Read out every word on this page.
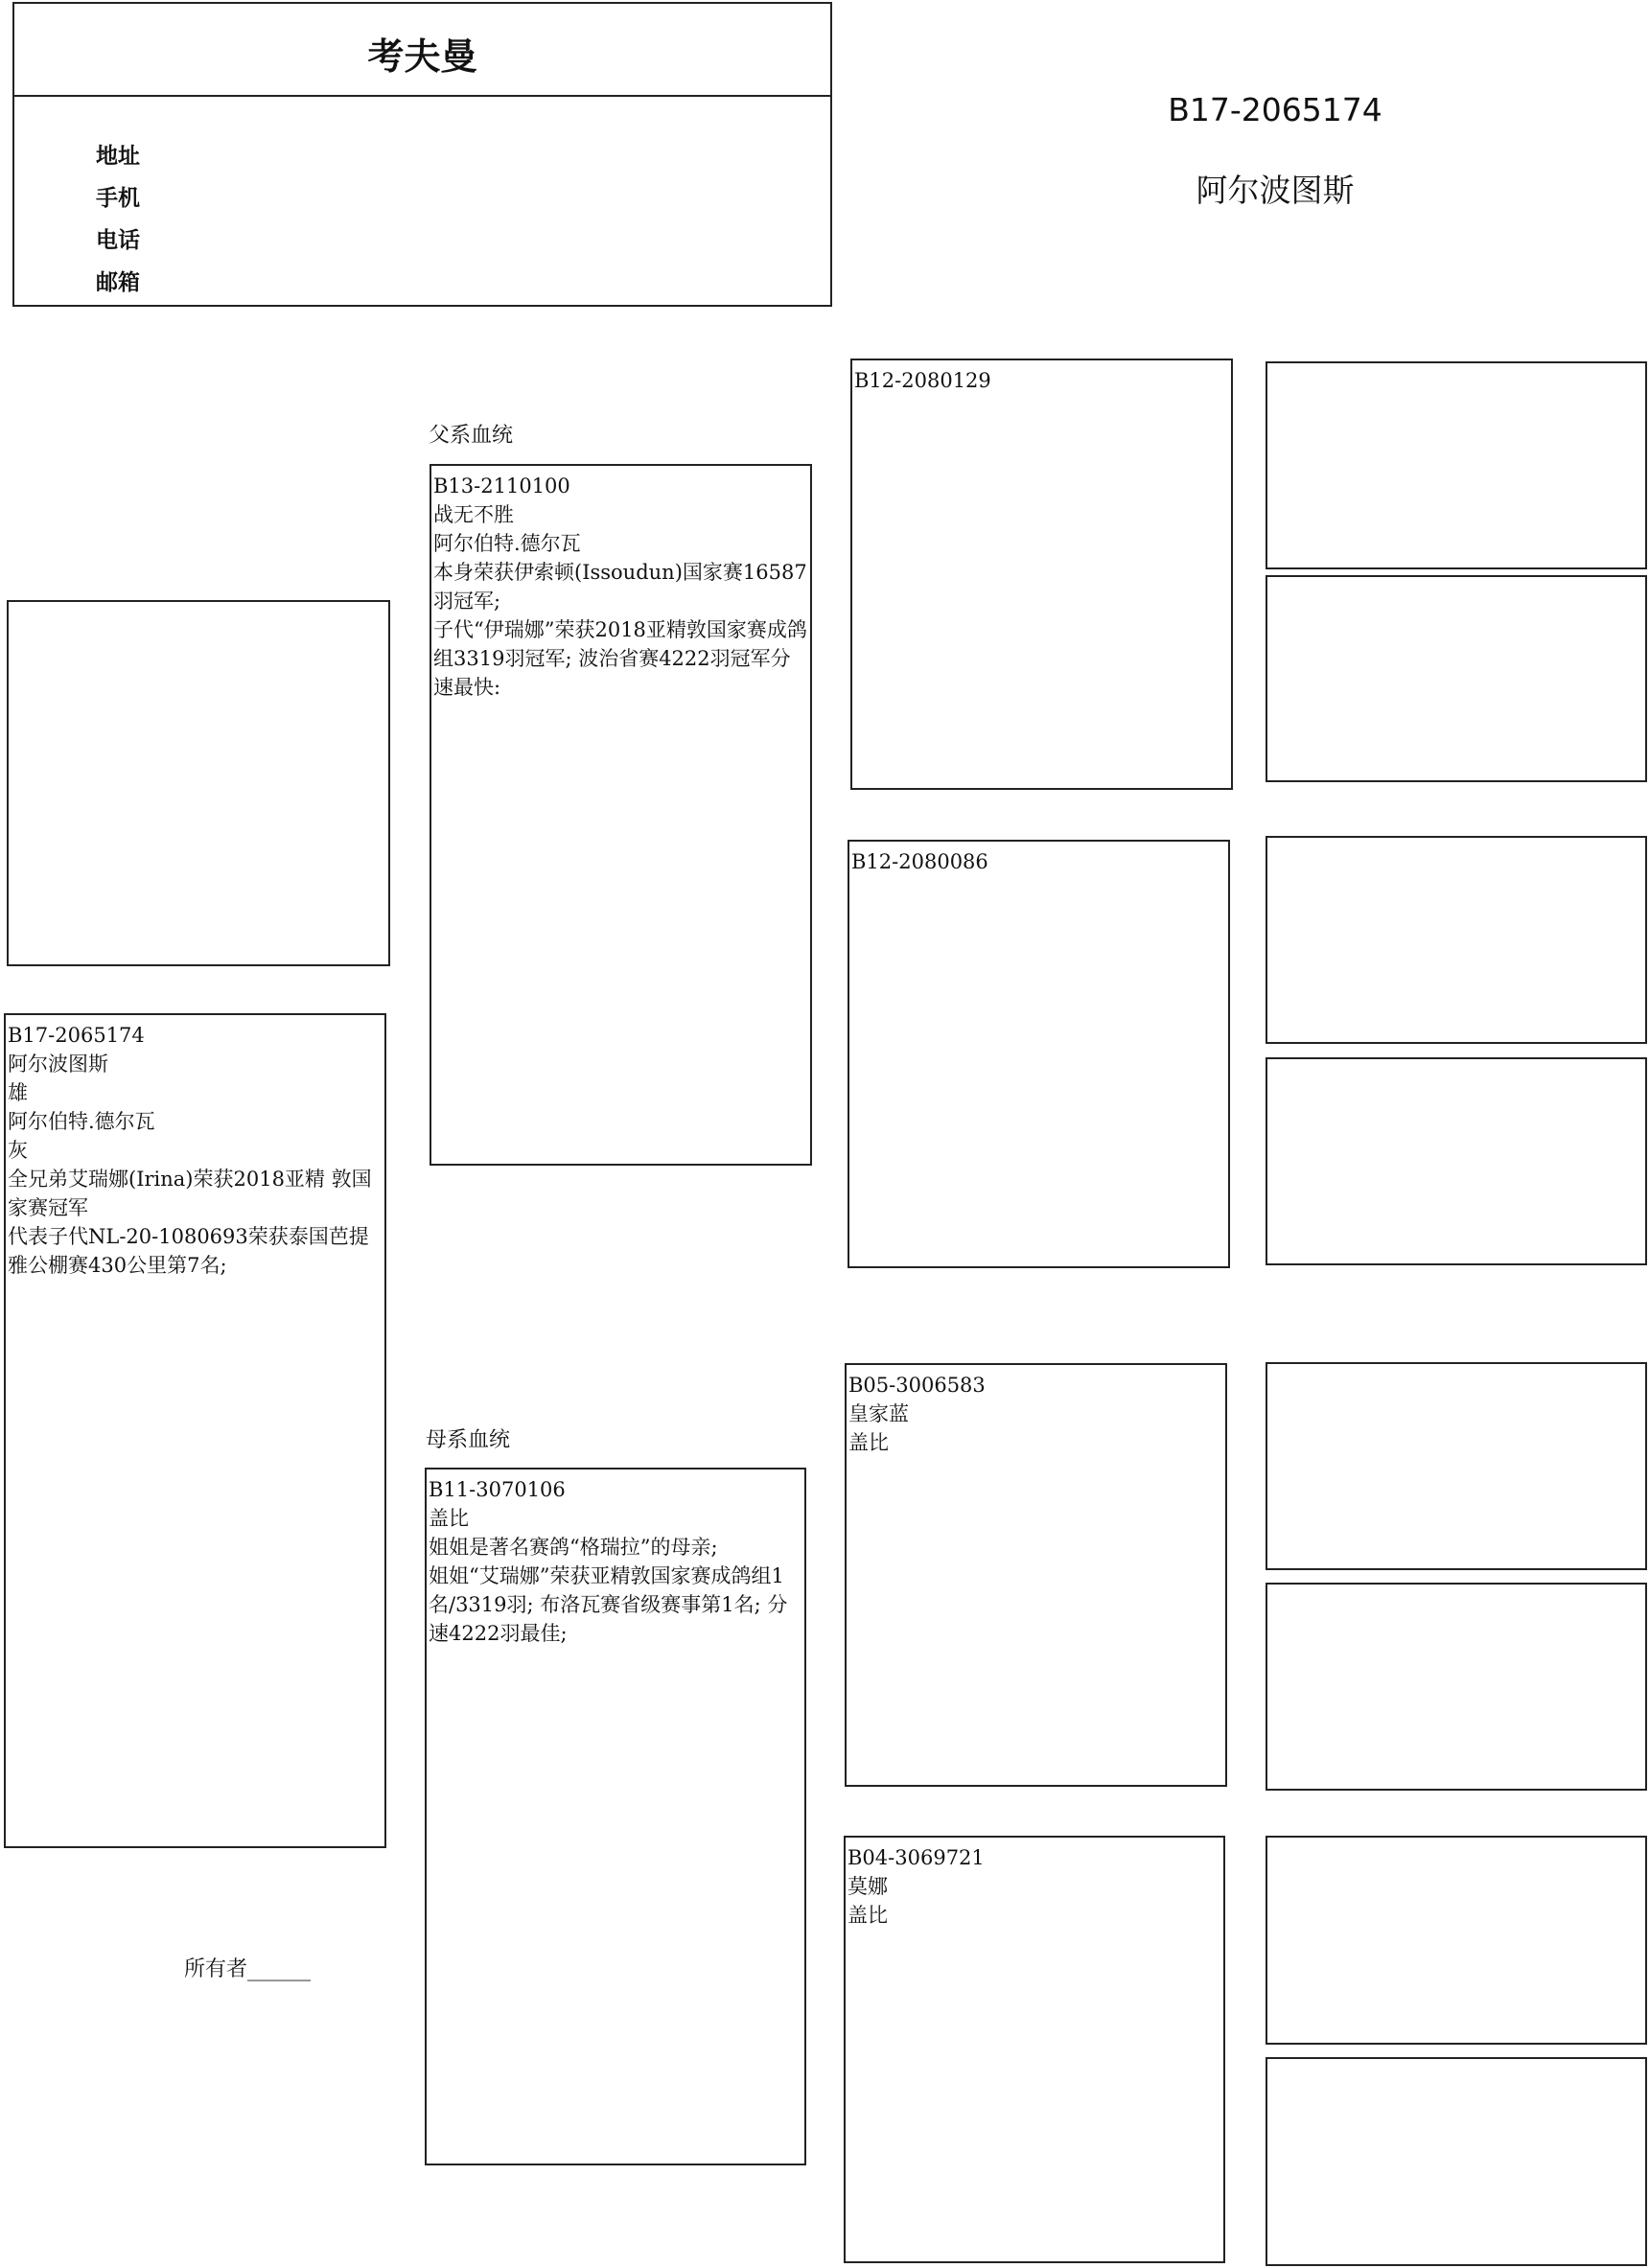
考夫曼
地址
手机
电话
邮箱
B17-2065174
阿尔波图斯
B17-2065174
阿尔波图斯
雄
阿尔伯特.德尔瓦
灰
全兄弟艾瑞娜(Irina)荣获2018亚精 敦国家赛冠军
代表子代NL-20-1080693荣获泰国芭提雅公棚赛430公里第7名;
所有者______
父系血统
B13-2110100
战无不胜
阿尔伯特.德尔瓦
本身荣获伊索顿(Issoudun)国家赛16587羽冠军;
子代“伊瑞娜”荣获2018亚精敦国家赛成鸽组3319羽冠军; 波治省赛4222羽冠军分速最快:
母系血统
B11-3070106
盖比
姐姐是著名赛鸽“格瑞拉”的母亲;
姐姐“艾瑞娜”荣获亚精敦国家赛成鸽组1名/3319羽; 布洛瓦赛省级赛事第1名; 分速4222羽最佳;
B12-2080129
B12-2080086
B05-3006583
皇家蓝
盖比
B04-3069721
莫娜
盖比
